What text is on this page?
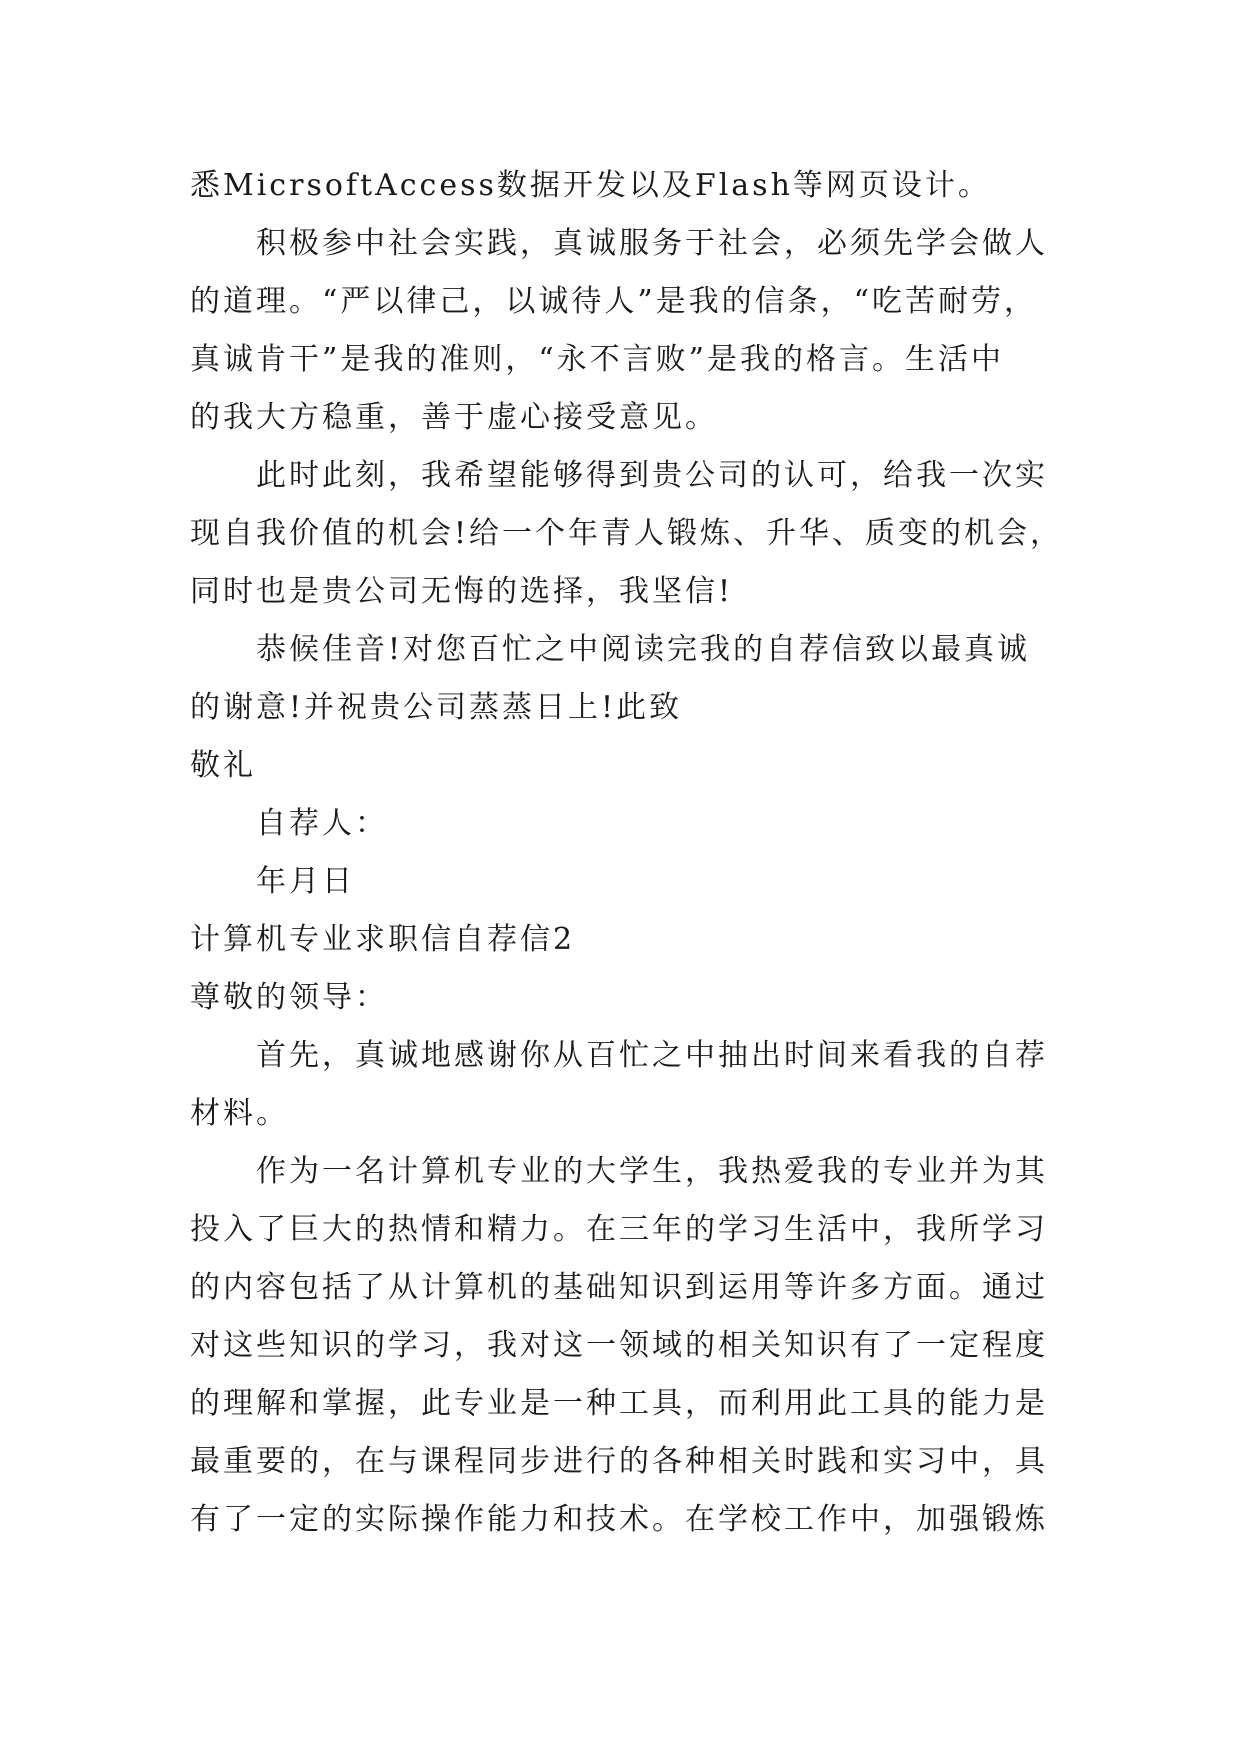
悉MicrsoftAccess数据开发以及Flash等网页设计。
积极参中社会实践，真诚服务于社会，必须先学会做人
的道理。“严以律己，以诚待人”是我的信条，“吃苦耐劳，
真诚肯干”是我的准则，“永不言败”是我的格言。生活中
的我大方稳重，善于虚心接受意见。
此时此刻，我希望能够得到贵公司的认可，给我一次实
现自我价值的机会!给一个年青人锻炼、升华、质变的机会，
同时也是贵公司无悔的选择，我坚信!
恭候佳音!对您百忙之中阅读完我的自荐信致以最真诚
的谢意!并祝贵公司蒸蒸日上!此致
敬礼
自荐人：
年月日
计算机专业求职信自荐信2
尊敬的领导：
首先，真诚地感谢你从百忙之中抽出时间来看我的自荐
材料。
作为一名计算机专业的大学生，我热爱我的专业并为其
投入了巨大的热情和精力。在三年的学习生活中，我所学习
的内容包括了从计算机的基础知识到运用等许多方面。通过
对这些知识的学习，我对这一领域的相关知识有了一定程度
的理解和掌握，此专业是一种工具，而利用此工具的能力是
最重要的，在与课程同步进行的各种相关时践和实习中，具
有了一定的实际操作能力和技术。在学校工作中，加强锻炼
